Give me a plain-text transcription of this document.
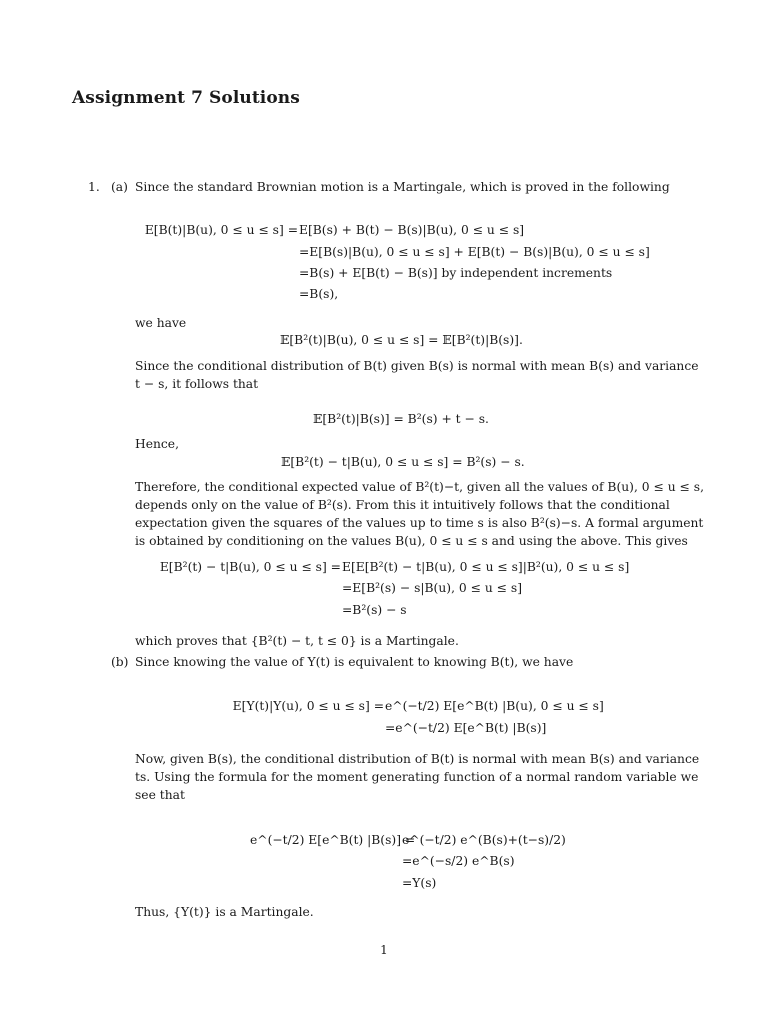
Assignment 7 Solutions
1. (a) Since the standard Brownian motion is a Martingale, which is proved in the following
E[B(t)|B(u), 0 ≤ u ≤ s] = E[B(s) + B(t) − B(s)|B(u), 0 ≤ u ≤ s]
=E[B(s)|B(u), 0 ≤ u ≤ s] + E[B(t) − B(s)|B(u), 0 ≤ u ≤ s]
=B(s) + E[B(t) − B(s)] by independent increments
=B(s),
we have
𝔼[B²(t)|B(u), 0 ≤ u ≤ s] = 𝔼[B²(t)|B(s)].
Since the conditional distribution of B(t) given B(s) is normal with mean B(s) and variance
t − s, it follows that
𝔼[B²(t)|B(s)] = B²(s) + t − s.
Hence,
𝔼[B²(t) − t|B(u), 0 ≤ u ≤ s] = B²(s) − s.
Therefore, the conditional expected value of B²(t)−t, given all the values of B(u), 0 ≤ u ≤ s,
depends only on the value of B²(s). From this it intuitively follows that the conditional
expectation given the squares of the values up to time s is also B²(s)−s. A formal argument
is obtained by conditioning on the values B(u), 0 ≤ u ≤ s and using the above. This gives
E[B²(t) − t|B(u), 0 ≤ u ≤ s] = E[E[B²(t) − t|B(u), 0 ≤ u ≤ s]|B²(u), 0 ≤ u ≤ s]
=E[B²(s) − s|B(u), 0 ≤ u ≤ s]
=B²(s) − s
which proves that {B²(t) − t, t ≤ 0} is a Martingale.
(b) Since knowing the value of Y(t) is equivalent to knowing B(t), we have
E[Y(t)|Y(u), 0 ≤ u ≤ s] = e^(−t/2) E[e^B(t) |B(u), 0 ≤ u ≤ s]
=e^(−t/2) E[e^B(t) |B(s)]
Now, given B(s), the conditional distribution of B(t) is normal with mean B(s) and variance
ts. Using the formula for the moment generating function of a normal random variable we
see that
e^(−t/2) E[e^B(t) |B(s)] =
e^(−t/2) e^(B(s)+(t−s)/2)
=e^(−s/2) e^B(s)
=Y(s)
Thus, {Y(t)} is a Martingale.
1
